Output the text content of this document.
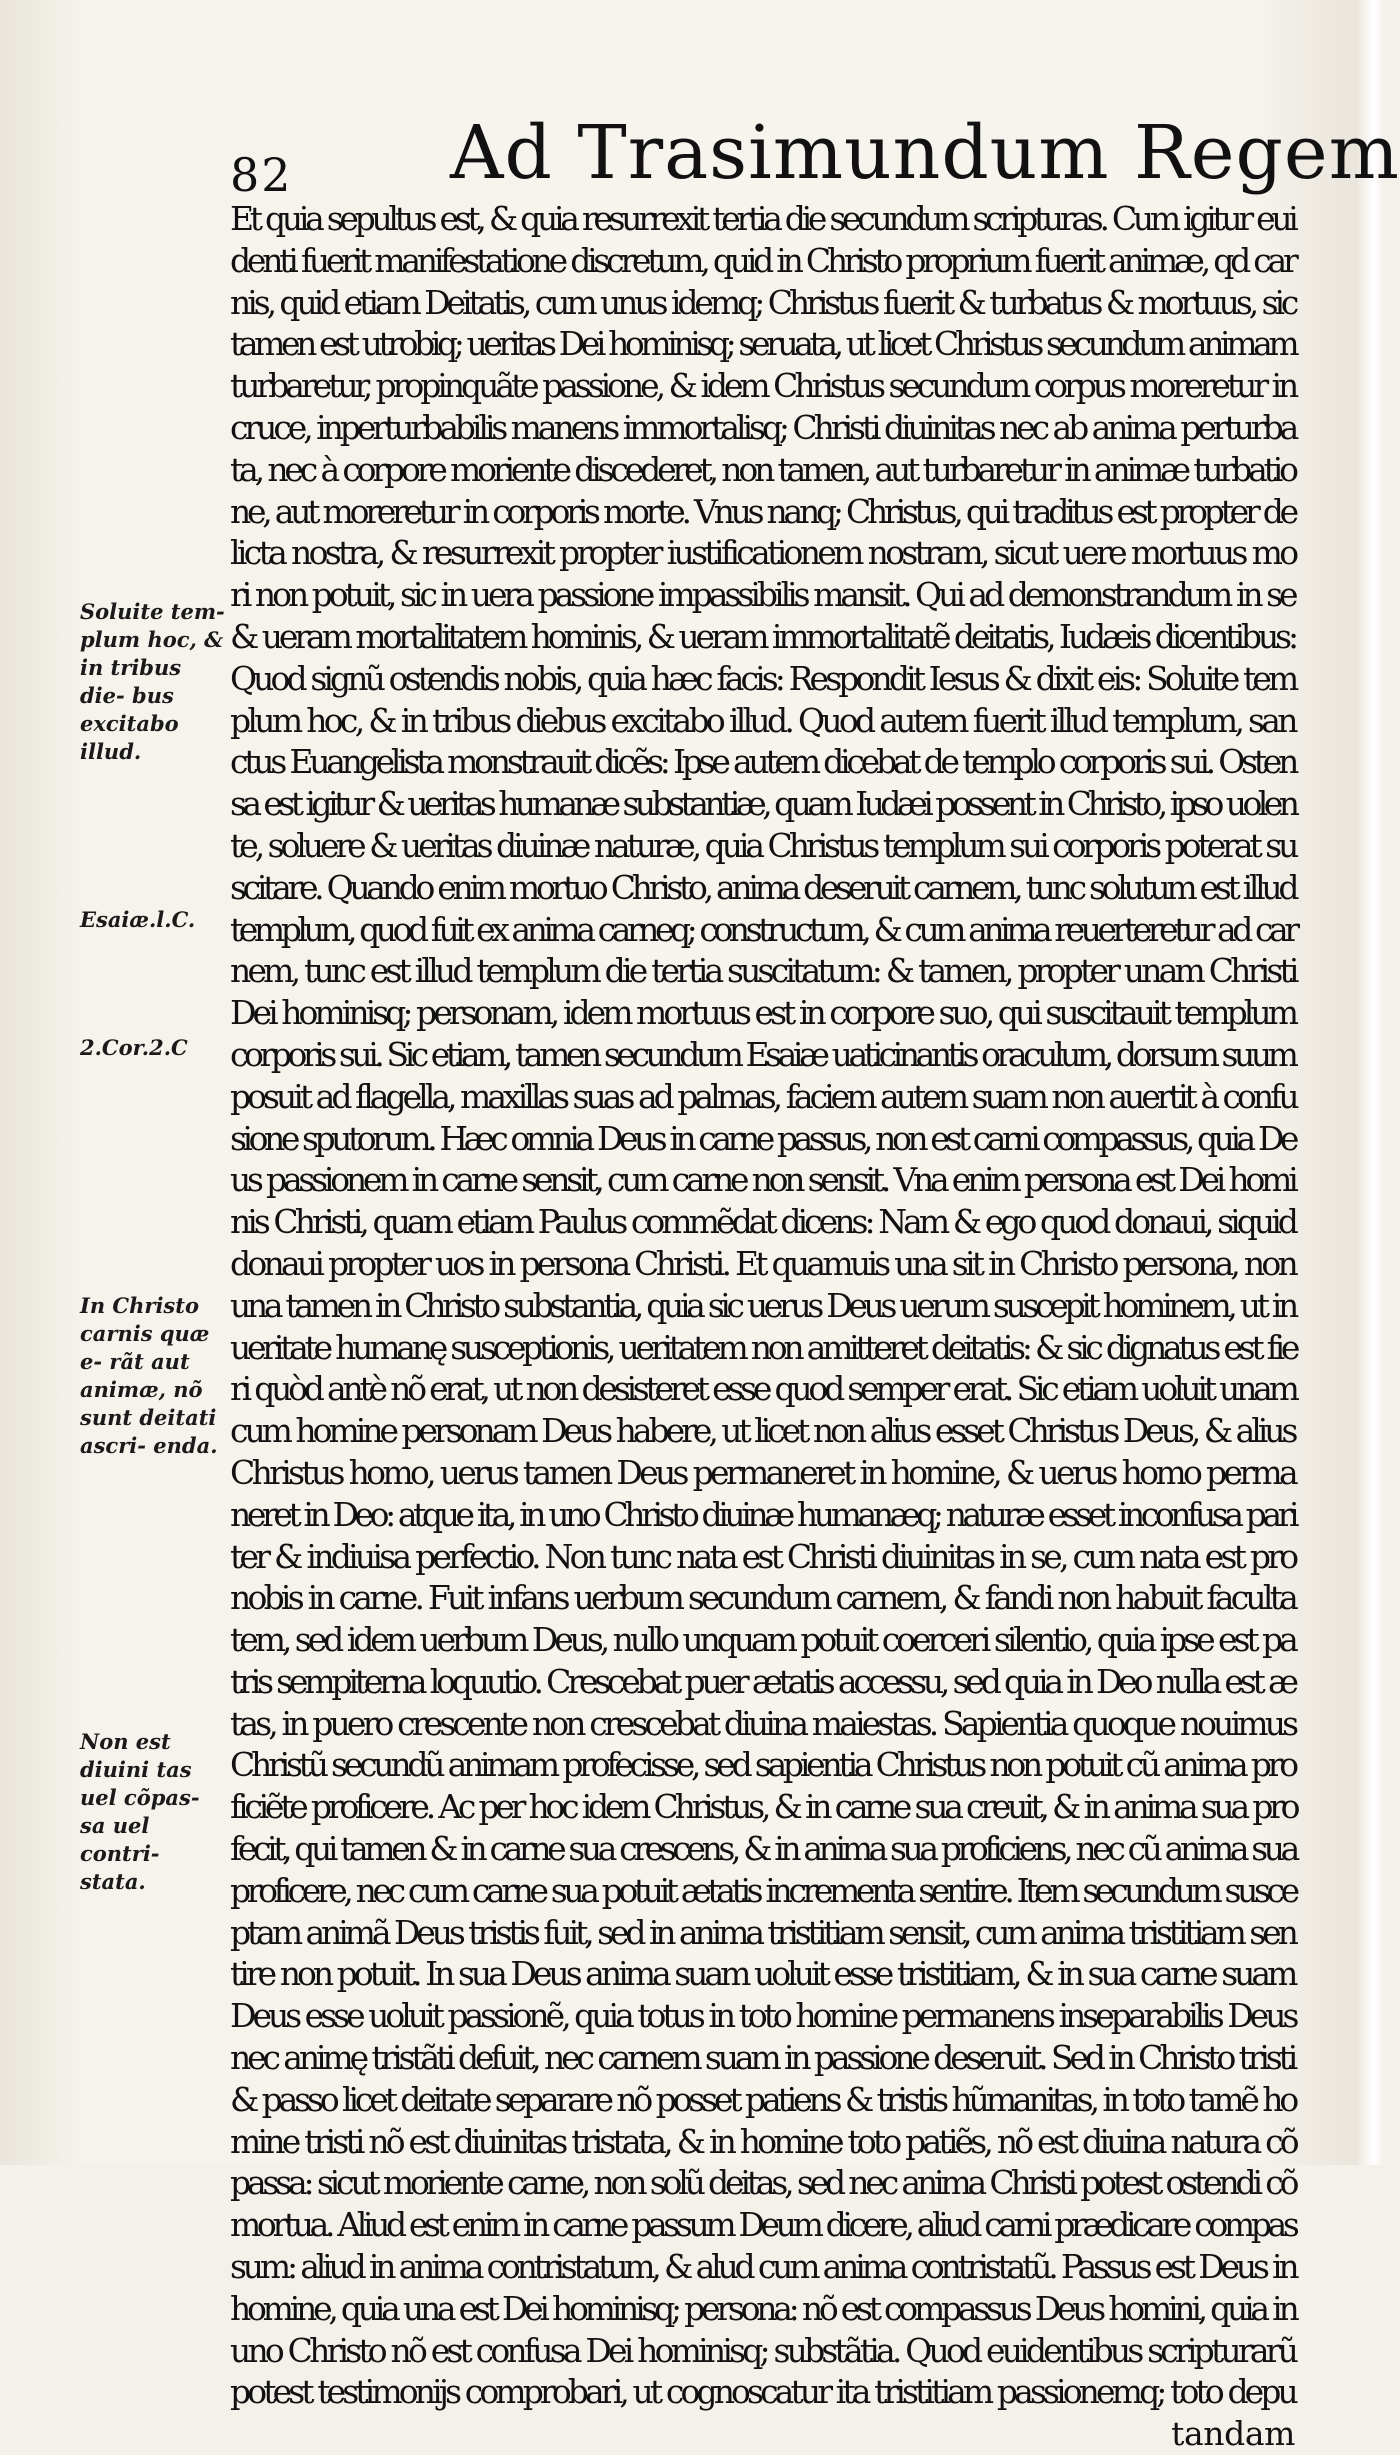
82 Ad Trasimundum Regem
Et quia sepultus est, & quia resurrexit tertia die secundum scripturas. Cum igitur eui
denti fuerit manifestatione discretum, quid in Christo proprium fuerit animæ, qd car
nis, quid etiam Deitatis, cum unus idemq; Christus fuerit & turbatus & mortuus, sic
tamen est utrobiq; ueritas Dei hominisq; seruata, ut licet Christus secundum animam
turbaretur, propinquãte passione, & idem Christus secundum corpus moreretur in
cruce, inperturbabilis manens immortalisq; Christi diuinitas nec ab anima perturba
ta, nec à corpore moriente discederet, non tamen, aut turbaretur in animæ turbatio
ne, aut moreretur in corporis morte. Vnus nanq; Christus, qui traditus est propter de
licta nostra, & resurrexit propter iustificationem nostram, sicut uere mortuus mo
ri non potuit, sic in uera passione impassibilis mansit. Qui ad demonstrandum in se
& ueram mortalitatem hominis, & ueram immortalitatẽ deitatis, Iudæis dicentibus:
Quod signũ ostendis nobis, quia hæc facis: Respondit Iesus & dixit eis: Soluite tem
plum hoc, & in tribus diebus excitabo illud. Quod autem fuerit illud templum, san
ctus Euangelista monstrauit dicẽs: Ipse autem dicebat de templo corporis sui. Osten
sa est igitur & ueritas humanæ substantiæ, quam Iudæi possent in Christo, ipso uolen
te, soluere & ueritas diuinæ naturæ, quia Christus templum sui corporis poterat su
scitare. Quando enim mortuo Christo, anima deseruit carnem, tunc solutum est illud
templum, quod fuit ex anima carneq; constructum, & cum anima reuerteretur ad car
nem, tunc est illud templum die tertia suscitatum: & tamen, propter unam Christi
Dei hominisq; personam, idem mortuus est in corpore suo, qui suscitauit templum
corporis sui. Sic etiam, tamen secundum Esaiæ uaticinantis oraculum, dorsum suum
posuit ad flagella, maxillas suas ad palmas, faciem autem suam non auertit à confu
sione sputorum. Hæc omnia Deus in carne passus, non est carni compassus, quia De
us passionem in carne sensit, cum carne non sensit. Vna enim persona est Dei homi
nis Christi, quam etiam Paulus commẽdat dicens: Nam & ego quod donaui, siquid
donaui propter uos in persona Christi. Et quamuis una sit in Christo persona, non
una tamen in Christo substantia, quia sic uerus Deus uerum suscepit hominem, ut in
ueritate humanę susceptionis, ueritatem non amitteret deitatis: & sic dignatus est fie
ri quòd antè nõ erat, ut non desisteret esse quod semper erat. Sic etiam uoluit unam
cum homine personam Deus habere, ut licet non alius esset Christus Deus, & alius
Christus homo, uerus tamen Deus permaneret in homine, & uerus homo perma
neret in Deo: atque ita, in uno Christo diuinæ humanæq; naturæ esset inconfusa pari
ter & indiuisa perfectio. Non tunc nata est Christi diuinitas in se, cum nata est pro
nobis in carne. Fuit infans uerbum secundum carnem, & fandi non habuit faculta
tem, sed idem uerbum Deus, nullo unquam potuit coerceri silentio, quia ipse est pa
tris sempiterna loquutio. Crescebat puer ætatis accessu, sed quia in Deo nulla est æ
tas, in puero crescente non crescebat diuina maiestas. Sapientia quoque nouimus
Christũ secundũ animam profecisse, sed sapientia Christus non potuit cũ anima pro
ficiẽte proficere. Ac per hoc idem Christus, & in carne sua creuit, & in anima sua pro
fecit, qui tamen & in carne sua crescens, & in anima sua proficiens, nec cũ anima sua
proficere, nec cum carne sua potuit ætatis incrementa sentire. Item secundum susce
ptam animã Deus tristis fuit, sed in anima tristitiam sensit, cum anima tristitiam sen
tire non potuit. In sua Deus anima suam uoluit esse tristitiam, & in sua carne suam
Deus esse uoluit passionẽ, quia totus in toto homine permanens inseparabilis Deus
nec animę tristãti defuit, nec carnem suam in passione deseruit. Sed in Christo tristi
& passo licet deitate separare nõ posset patiens & tristis hũmanitas, in toto tamẽ ho
mine tristi nõ est diuinitas tristata, & in homine toto patiẽs, nõ est diuina natura cõ
passa: sicut moriente carne, non solũ deitas, sed nec anima Christi potest ostendi cõ
mortua. Aliud est enim in carne passum Deum dicere, aliud carni prædicare compas
sum: aliud in anima contristatum, & alud cum anima contristatũ. Passus est Deus in
homine, quia una est Dei hominisq; persona: nõ est compassus Deus homini, quia in
uno Christo nõ est confusa Dei hominisq; substãtia. Quod euidentibus scripturarũ
potest testimonijs comprobari, ut cognoscatur ita tristitiam passionemq; toto depu
tandam
Soluite tem- plum hoc, & in tribus die- bus excitabo illud.
Esaiæ.l.C.
2.Cor.2.C
In Christo carnis quæ e- rãt aut animæ, nõ sunt deitati ascri- enda.
Non est diuini tas uel cõpas- sa uel contri- stata.
